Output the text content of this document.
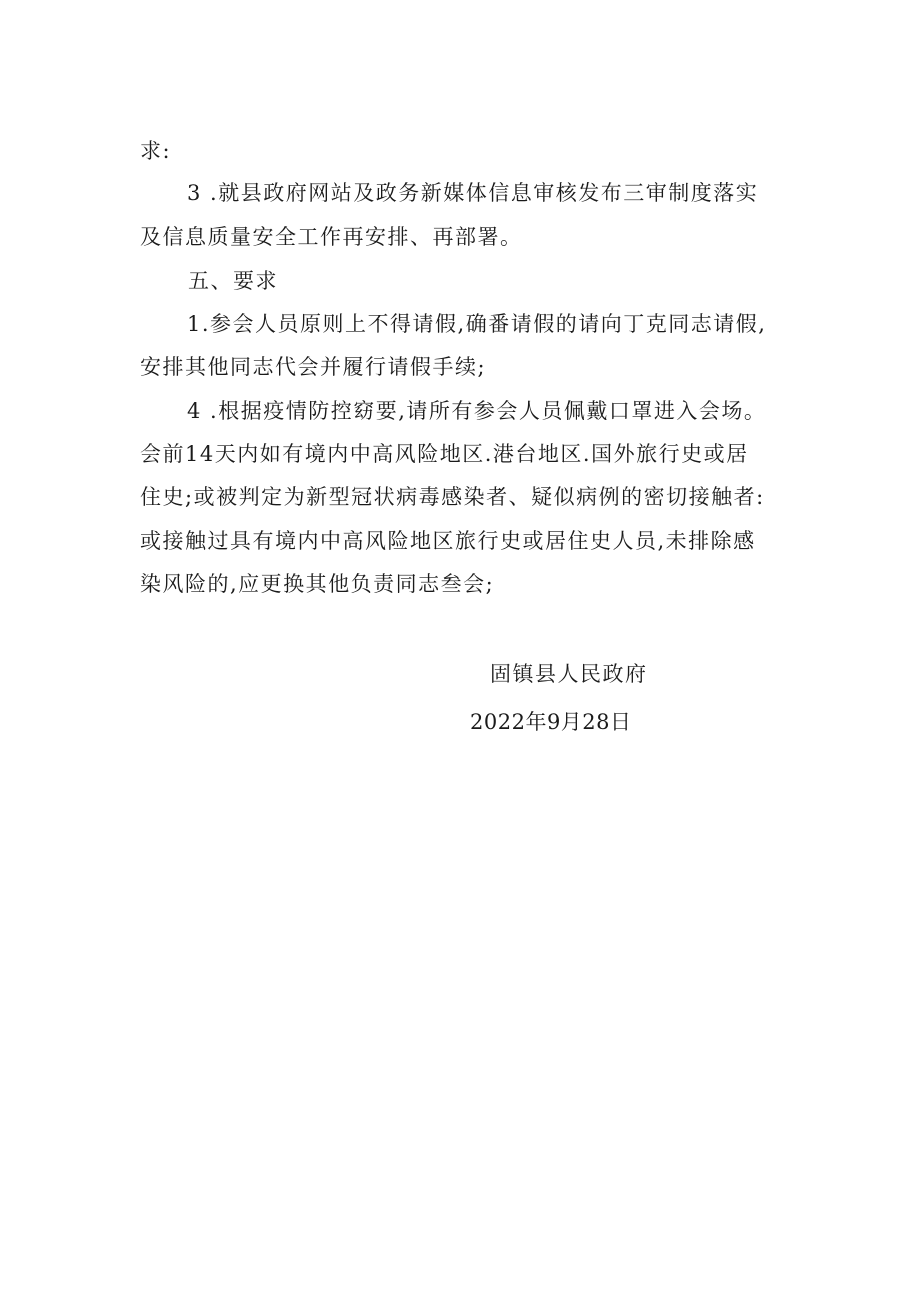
求:
3 .就县政府网站及政务新媒体信息审核发布三审制度落实
及信息质量安全工作再安排、再部署。
五、要求
1.参会人员原则上不得请假,确番请假的请向丁克同志请假,
安排其他同志代会并履行请假手续;
4 .根据疫情防控窈要,请所有参会人员佩戴口罩进入会场。
会前14天内如有境内中高风险地区.港台地区.国外旅行史或居
住史;或被判定为新型冠状病毒感染者、疑似病例的密切接触者:
或接触过具有境内中高风险地区旅行史或居住史人员,未排除感
染风险的,应更换其他负责同志叁会;
固镇县人民政府
2022年9月28日
